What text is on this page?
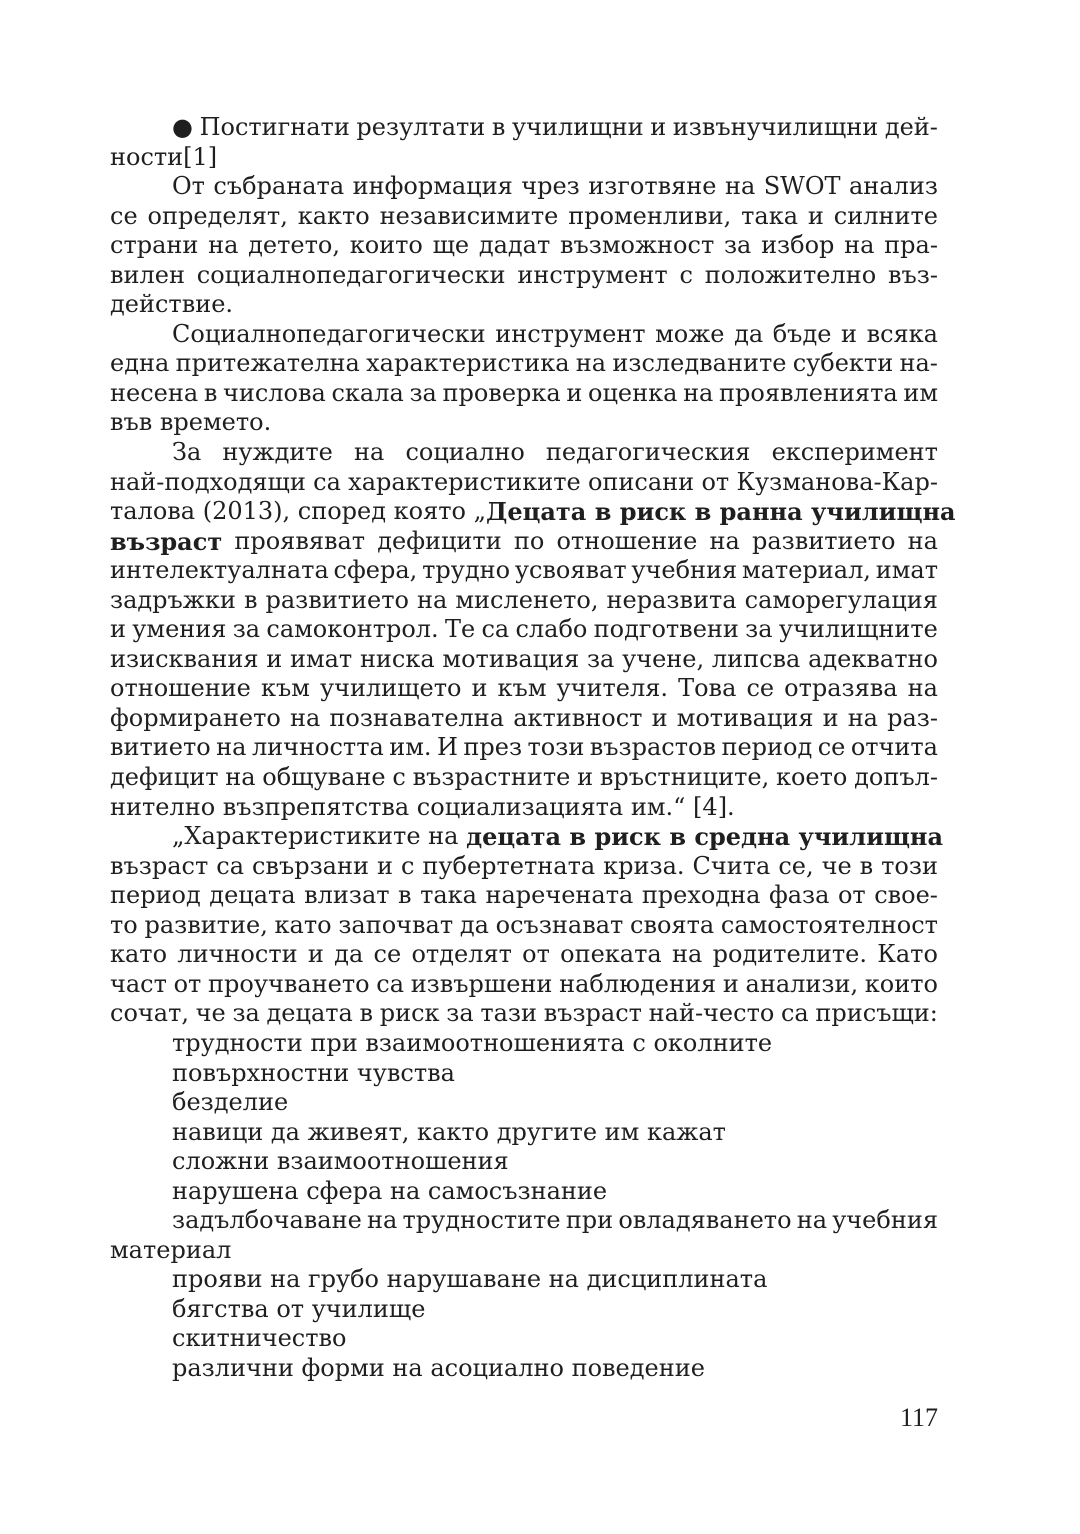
● Постигнати резултати в училищни и извънучилищни дей-
ности[1]
От събраната информация чрез изготвяне на SWOT анализ
се определят, както независимите променливи, така и силните
страни на детето, които ще дадат възможност за избор на пра-
вилен социалнопедагогически инструмент с положително въз-
действие.
Социалнопедагогически инструмент може да бъде и всяка
една притежателна характеристика на изследваните субекти на-
несена в числова скала за проверка и оценка на проявленията им
във времето.
За нуждите на социално педагогическия експеримент
най-подходящи са характеристиките описани от Кузманова-Кар-
талова (2013), според която „ Децата в риск в ранна училищна
възраст проявяват дефицити по отношение на развитието на
интелектуалната сфера, трудно усвояват учебния материал, имат
задръжки в развитието на мисленето, неразвита саморегулация
и умения за самоконтрол. Те са слабо подготвени за училищните
изисквания и имат ниска мотивация за учене, липсва адекватно
отношение към училището и към учителя. Това се отразява на
формирането на познавателна активност и мотивация и на раз-
витието на личността им. И през този възрастов период се отчита
дефицит на общуване с възрастните и връстниците, което допъл-
нително възпрепятства социализацията им.“ [4].
„Характеристиките на децата в риск в средна училищна
възраст са свързани и с пубертетната криза. Счита се, че в този
период децата влизат в така наречената преходна фаза от свое-
то развитие, като започват да осъзнават своята самостоятелност
като личности и да се отделят от опеката на родителите. Като
част от проучването са извършени наблюдения и анализи, които
сочат, че за децата в риск за тази възраст най-често са присъщи:
трудности при взаимоотношенията с околните
повърхностни чувства
безделие
навици да живеят, както другите им кажат
сложни взаимоотношения
нарушена сфера на самосъзнание
задълбочаване на трудностите при овладяването на учебния
материал
прояви на грубо нарушаване на дисциплината
бягства от училище
скитничество
различни форми на асоциално поведение
117
